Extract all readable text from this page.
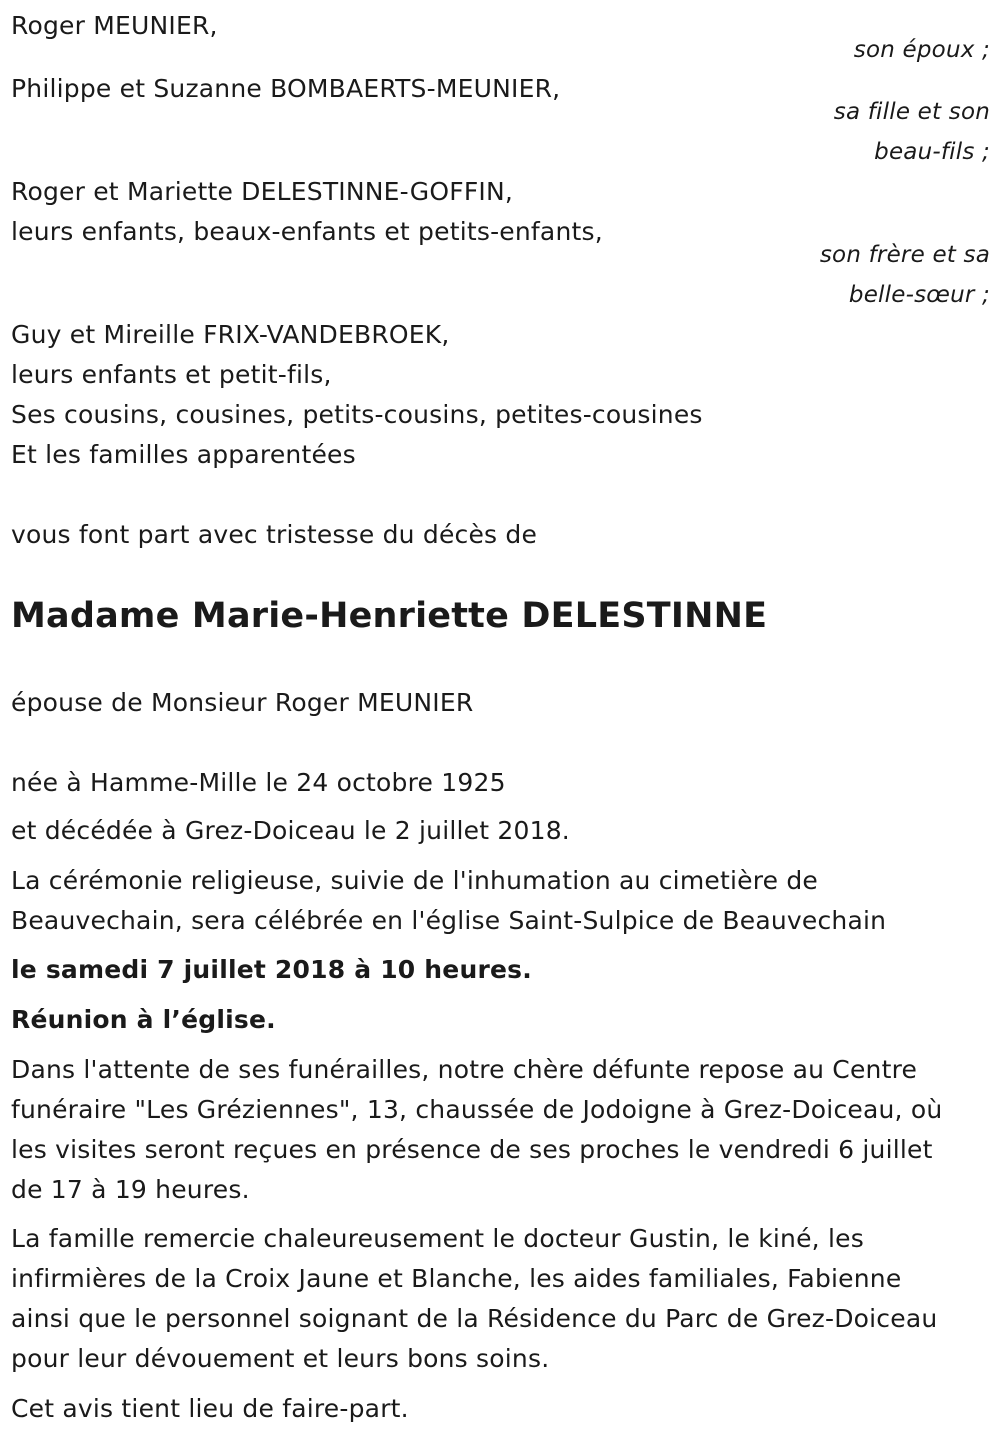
Roger MEUNIER,
son époux ;
Philippe et Suzanne BOMBAERTS-MEUNIER,
sa fille et son
beau-fils ;
Roger et Mariette DELESTINNE-GOFFIN,
leurs enfants, beaux-enfants et petits-enfants,
son frère et sa
belle-sœur ;
Guy et Mireille FRIX-VANDEBROEK,
leurs enfants et petit-fils,
Ses cousins, cousines, petits-cousins, petites-cousines
Et les familles apparentées
vous font part avec tristesse du décès de
Madame Marie-Henriette DELESTINNE
épouse de Monsieur Roger MEUNIER
née à Hamme-Mille le 24 octobre 1925
et décédée à Grez-Doiceau le 2 juillet 2018.
La cérémonie religieuse, suivie de l'inhumation au cimetière de
Beauvechain, sera célébrée en l'église Saint-Sulpice de Beauvechain
le samedi 7 juillet 2018 à 10 heures.
Réunion à l’église.
Dans l'attente de ses funérailles, notre chère défunte repose au Centre
funéraire "Les Gréziennes", 13, chaussée de Jodoigne à Grez-Doiceau, où
les visites seront reçues en présence de ses proches le vendredi 6 juillet
de 17 à 19 heures.
La famille remercie chaleureusement le docteur Gustin, le kiné, les
infirmières de la Croix Jaune et Blanche, les aides familiales, Fabienne
ainsi que le personnel soignant de la Résidence du Parc de Grez-Doiceau
pour leur dévouement et leurs bons soins.
Cet avis tient lieu de faire-part.
